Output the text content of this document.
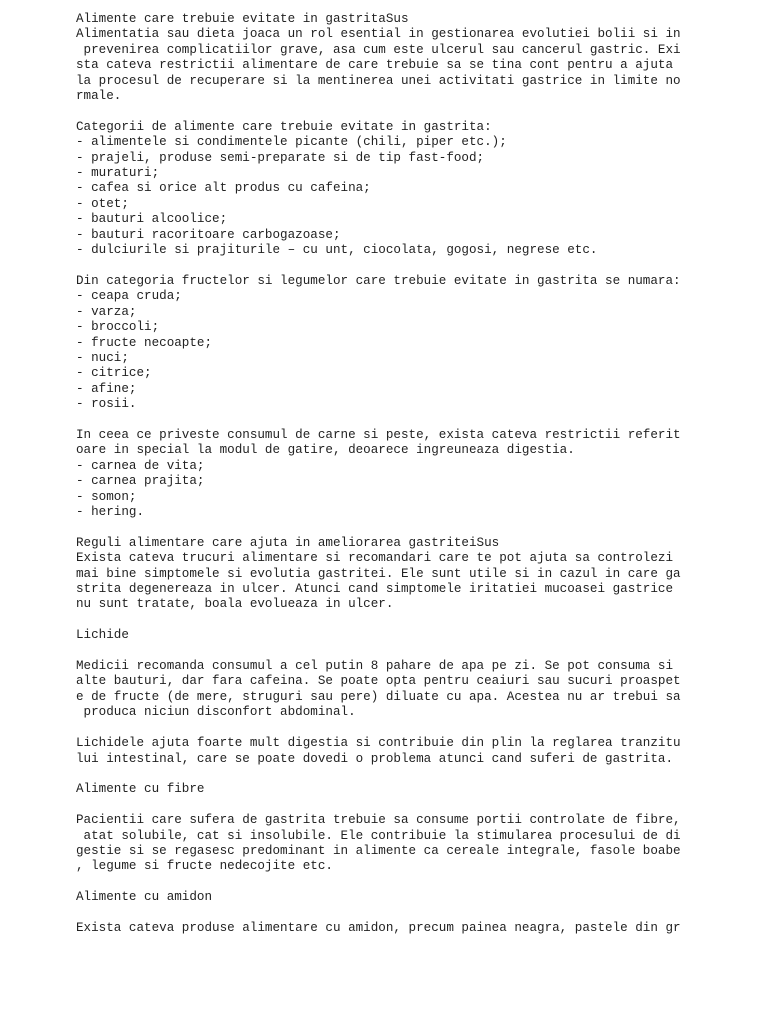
Alimente care trebuie evitate in gastritaSus

Alimentatia sau dieta joaca un rol esential in gestionarea evolutiei bolii si in

prevenirea complicatiilor grave, asa cum este ulcerul sau cancerul gastric. Exi

sta cateva restrictii alimentare de care trebuie sa se tina cont pentru a ajuta

la procesul de recuperare si la mentinerea unei activitati gastrice in limite no

rmale.

Categorii de alimente care trebuie evitate in gastrita:

- alimentele si condimentele picante (chili, piper etc.);

- prajeli, produse semi-preparate si de tip fast-food;

- muraturi;

- cafea si orice alt produs cu cafeina;

- otet;

- bauturi alcoolice;

- bauturi racoritoare carbogazoase;

- dulciurile si prajiturile – cu unt, ciocolata, gogosi, negrese etc.

Din categoria fructelor si legumelor care trebuie evitate in gastrita se numara:

- ceapa cruda;

- varza;

- broccoli;

- fructe necoapte;

- nuci;

- citrice;

- afine;

- rosii.

In ceea ce priveste consumul de carne si peste, exista cateva restrictii referit

oare in special la modul de gatire, deoarece ingreuneaza digestia.

- carnea de vita;

- carnea prajita;

- somon;

- hering.

Reguli alimentare care ajuta in ameliorarea gastriteiSus

Exista cateva trucuri alimentare si recomandari care te pot ajuta sa controlezi

mai bine simptomele si evolutia gastritei. Ele sunt utile si in cazul in care ga

strita degenereaza in ulcer. Atunci cand simptomele iritatiei mucoasei gastrice

nu sunt tratate, boala evolueaza in ulcer.

Lichide

Medicii recomanda consumul a cel putin 8 pahare de apa pe zi. Se pot consuma si

alte bauturi, dar fara cafeina. Se poate opta pentru ceaiuri sau sucuri proaspet

e de fructe (de mere, struguri sau pere) diluate cu apa. Acestea nu ar trebui sa

produca niciun disconfort abdominal.

Lichidele ajuta foarte mult digestia si contribuie din plin la reglarea tranzitu

lui intestinal, care se poate dovedi o problema atunci cand suferi de gastrita.

Alimente cu fibre

Pacientii care sufera de gastrita trebuie sa consume portii controlate de fibre,

atat solubile, cat si insolubile. Ele contribuie la stimularea procesului de di

gestie si se regasesc predominant in alimente ca cereale integrale, fasole boabe

, legume si fructe nedecojite etc.

Alimente cu amidon

Exista cateva produse alimentare cu amidon, precum painea neagra, pastele din gr
